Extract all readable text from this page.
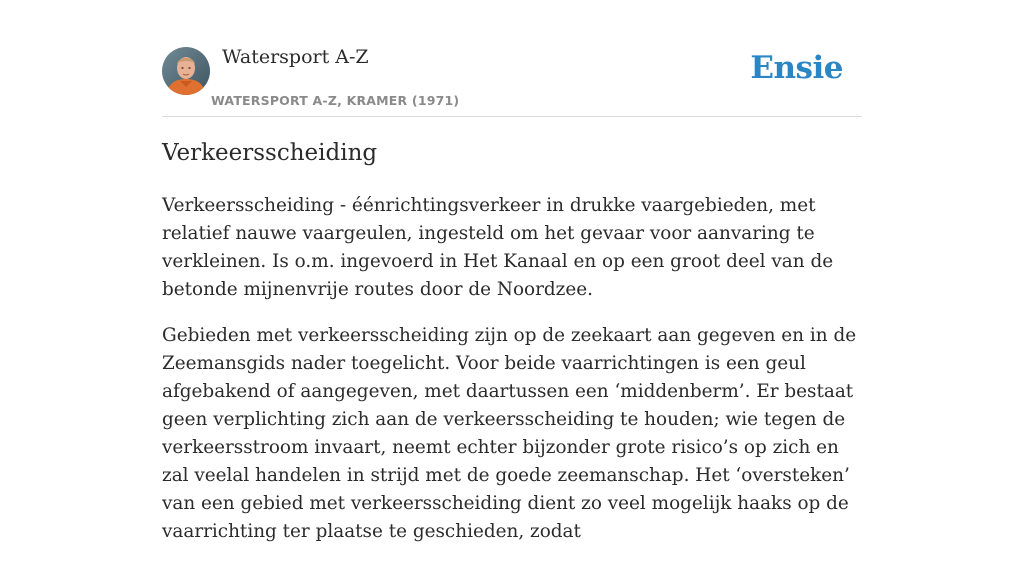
Watersport A-Z
WATERSPORT A-Z, KRAMER (1971)
Ensie
Verkeersscheiding

Verkeersscheiding - éénrichtingsverkeer in drukke vaargebieden, met relatief nauwe vaargeulen, ingesteld om het gevaar voor aanvaring te verkleinen. Is o.m. ingevoerd in Het Kanaal en op een groot deel van de betonde mijnenvrije routes door de Noordzee.

Gebieden met verkeersscheiding zijn op de zeekaart aan gegeven en in de Zeemansgids nader toegelicht. Voor beide vaarrichtingen is een geul afgebakend of aangegeven, met daartussen een ‘middenberm’. Er bestaat geen verplichting zich aan de verkeersscheiding te houden; wie tegen de verkeersstroom invaart, neemt echter bijzonder grote risico’s op zich en zal veelal handelen in strijd met de goede zeemanschap. Het ‘oversteken’ van een gebied met verkeersscheiding dient zo veel mogelijk haaks op de vaarrichting ter plaatse te geschieden, zodat
